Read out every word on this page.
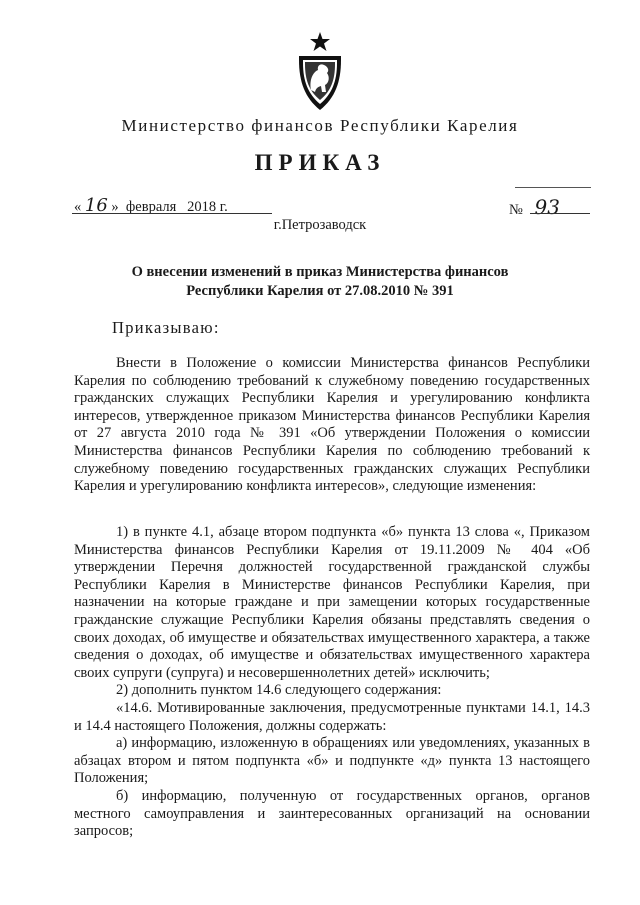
Министерство финансов Республики Карелия
ПРИКАЗ
« 16 » февраля   2018 г.	№ 93
г.Петрозаводск
О внесении изменений в приказ Министерства финансов
Республики Карелия от 27.08.2010 № 391
Приказываю:

Внести в Положение о комиссии Министерства финансов Республики Карелия по соблюдению требований к служебному поведению государственных гражданских служащих Республики Карелия и урегулированию конфликта интересов, утвержденное приказом Министерства финансов Республики Карелия от 27 августа 2010 года № 391 «Об утверждении Положения о комиссии Министерства финансов Республики Карелия по соблюдению требований к служебному поведению государственных гражданских служащих Республики Карелия и урегулированию конфликта интересов», следующие изменения:

1) в пункте 4.1, абзаце втором подпункта «б» пункта 13 слова «, Приказом Министерства финансов Республики Карелия от 19.11.2009 № 404 «Об утверждении Перечня должностей государственной гражданской службы Республики Карелия в Министерстве финансов Республики Карелия, при назначении на которые граждане и при замещении которых государственные гражданские служащие Республики Карелия обязаны представлять сведения о своих доходах, об имуществе и обязательствах имущественного характера, а также сведения о доходах, об имуществе и обязательствах имущественного характера своих супруги (супруга) и несовершеннолетних детей» исключить;

2) дополнить пунктом 14.6 следующего содержания:

«14.6. Мотивированные заключения, предусмотренные пунктами 14.1, 14.3 и 14.4 настоящего Положения, должны содержать:

а) информацию, изложенную в обращениях или уведомлениях, указанных в абзацах втором и пятом подпункта «б» и подпункте «д» пункта 13 настоящего Положения;

б) информацию, полученную от государственных органов, органов местного самоуправления и заинтересованных организаций на основании запросов;
